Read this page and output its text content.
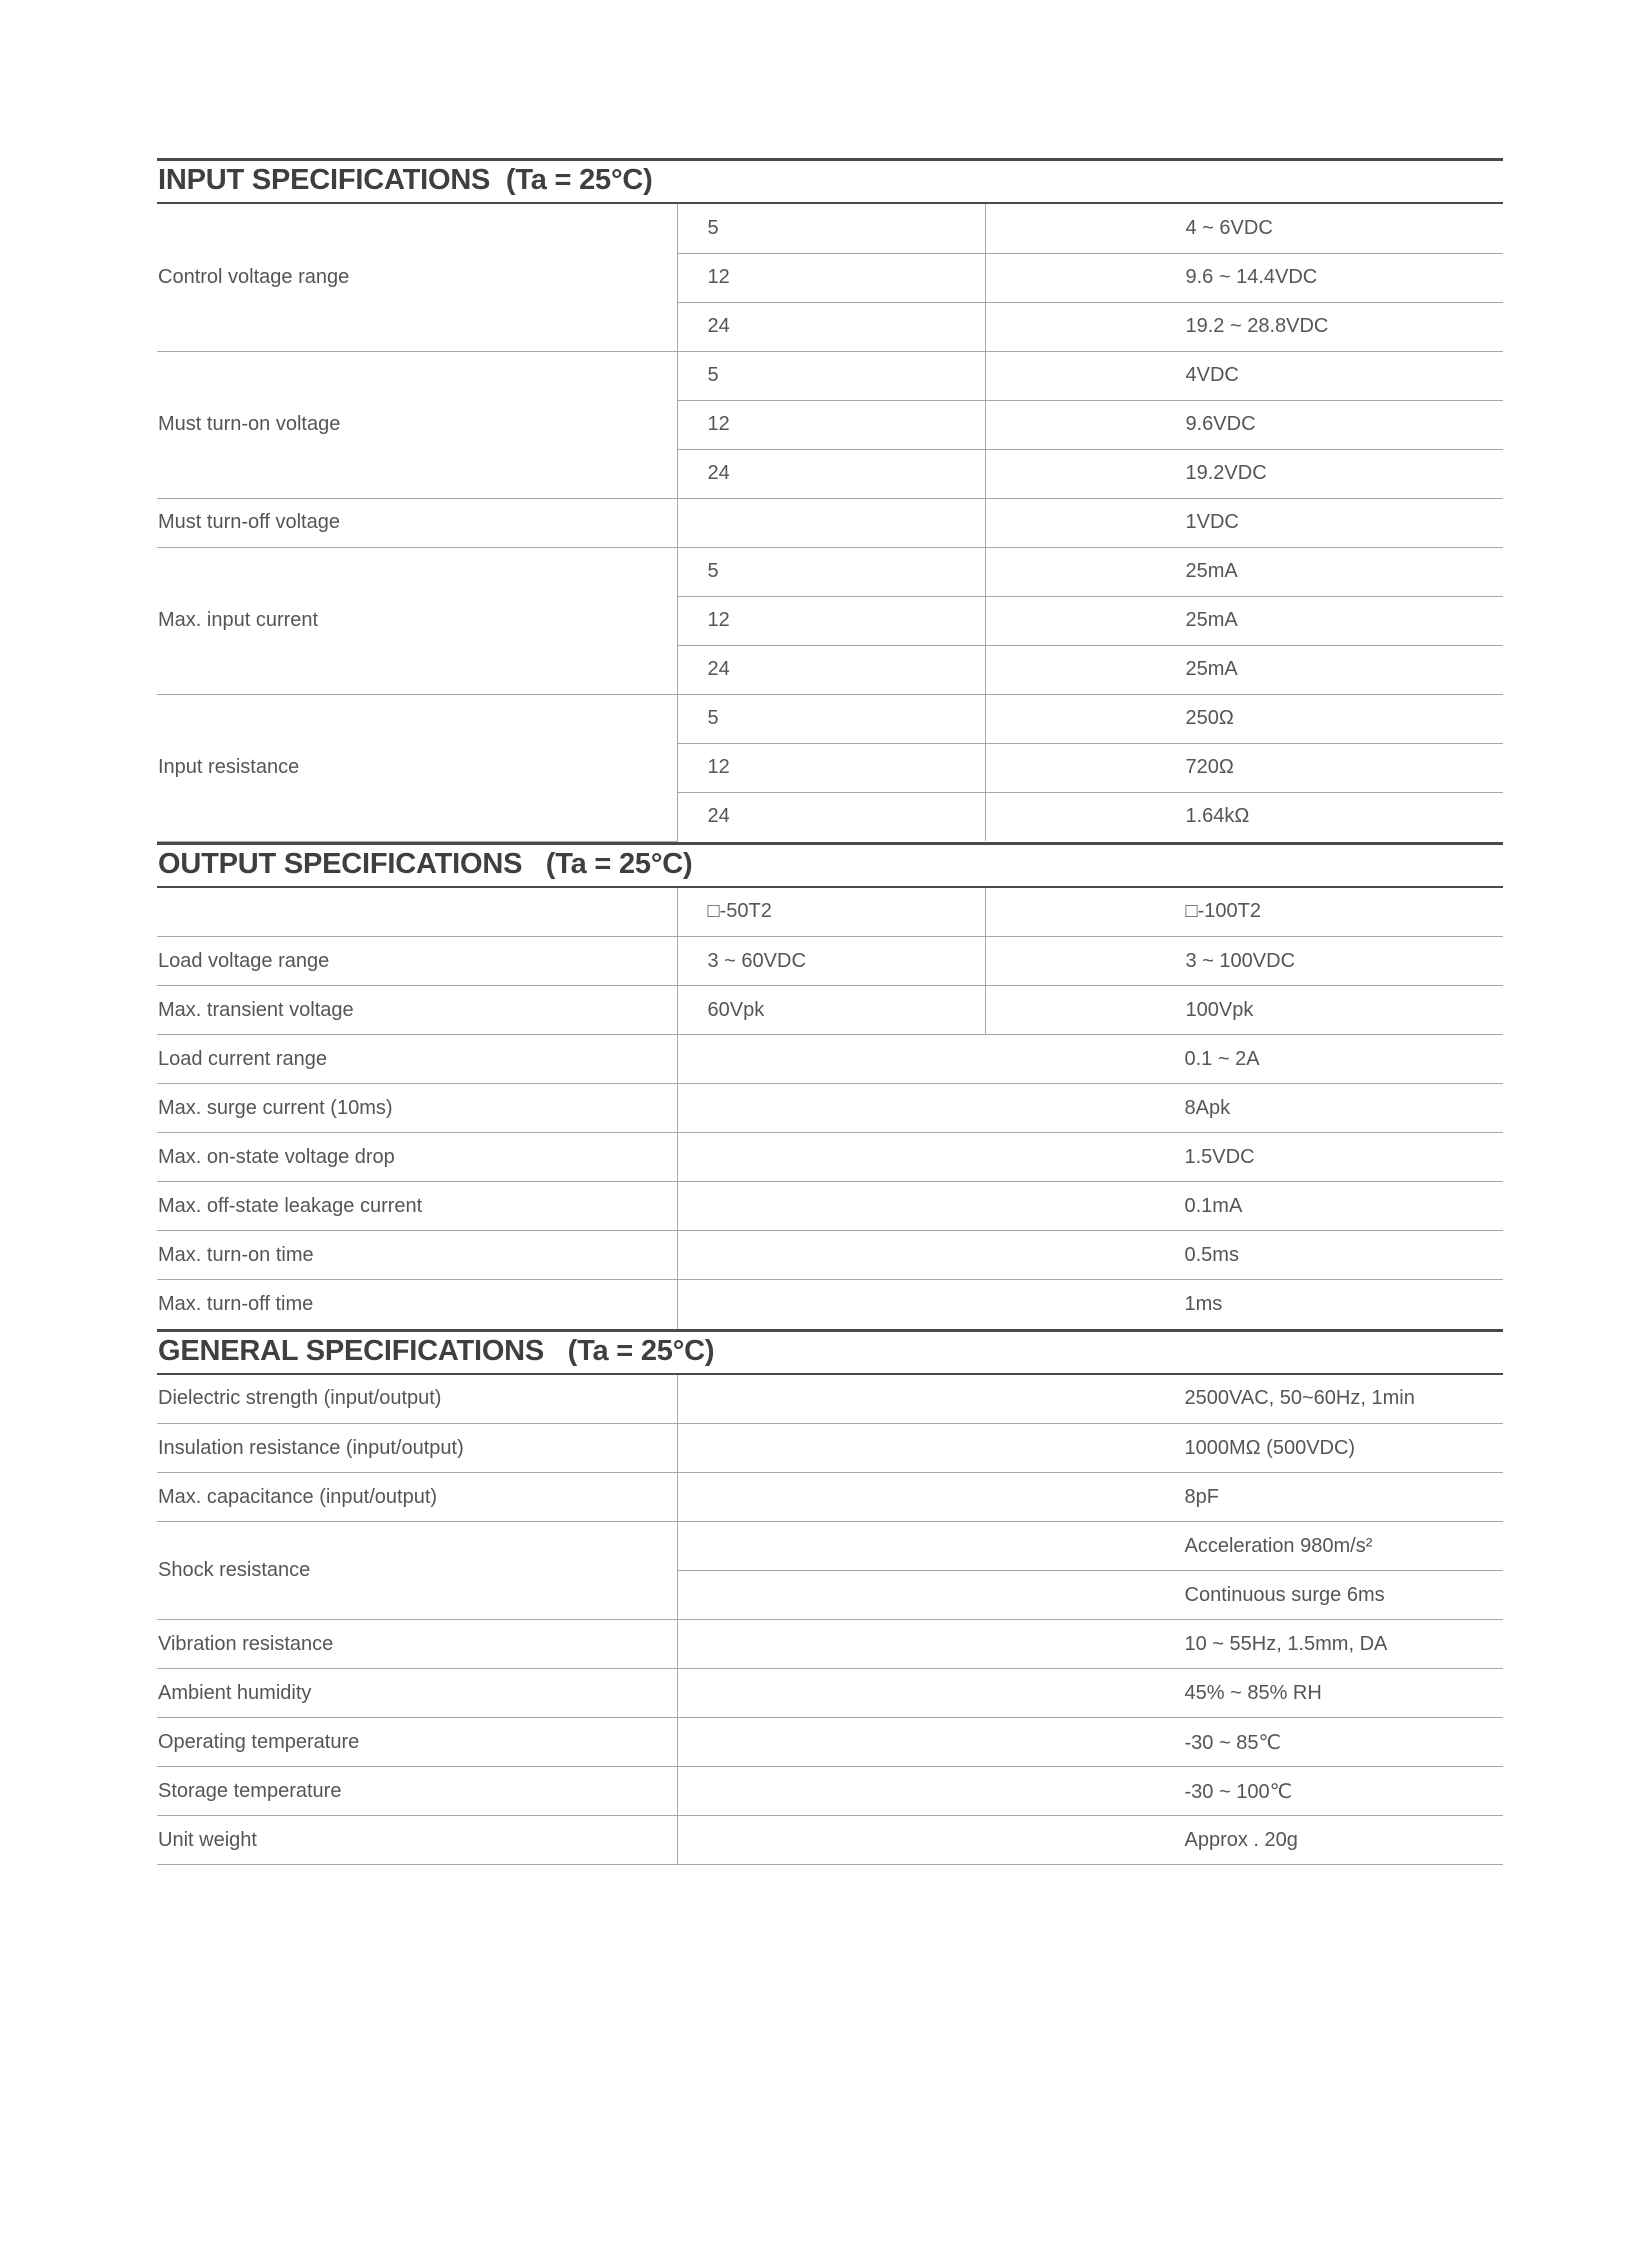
INPUT SPECIFICATIONS  (Ta = 25°C)
Control voltage range	5	4 ~ 6VDC
	12	9.6 ~ 14.4VDC
	24	19.2 ~ 28.8VDC
Must turn-on voltage	5	4VDC
	12	9.6VDC
	24	19.2VDC
Must turn-off voltage		1VDC
Max. input current	5	25mA
	12	25mA
	24	25mA
Input resistance	5	250Ω
	12	720Ω
	24	1.64kΩ
OUTPUT SPECIFICATIONS   (Ta = 25°C)
	□-50T2	□-100T2
Load voltage range	3 ~ 60VDC	3 ~ 100VDC
Max. transient voltage	60Vpk	100Vpk
Load current range	0.1 ~ 2A	
Max. surge current (10ms)	8Apk	
Max. on-state voltage drop	1.5VDC	
Max. off-state leakage current	0.1mA	
Max. turn-on time	0.5ms	
Max. turn-off time	1ms	
GENERAL SPECIFICATIONS   (Ta = 25°C)
Dielectric strength (input/output)	2500VAC, 50~60Hz, 1min
Insulation resistance (input/output)	1000MΩ (500VDC)
Max. capacitance (input/output)	8pF
Shock resistance	Acceleration 980m/s²
	Continuous surge 6ms
Vibration resistance	10 ~ 55Hz, 1.5mm, DA
Ambient humidity	45% ~ 85% RH
Operating temperature	-30 ~ 85℃
Storage temperature	-30 ~ 100℃
Unit weight	Approx . 20g
